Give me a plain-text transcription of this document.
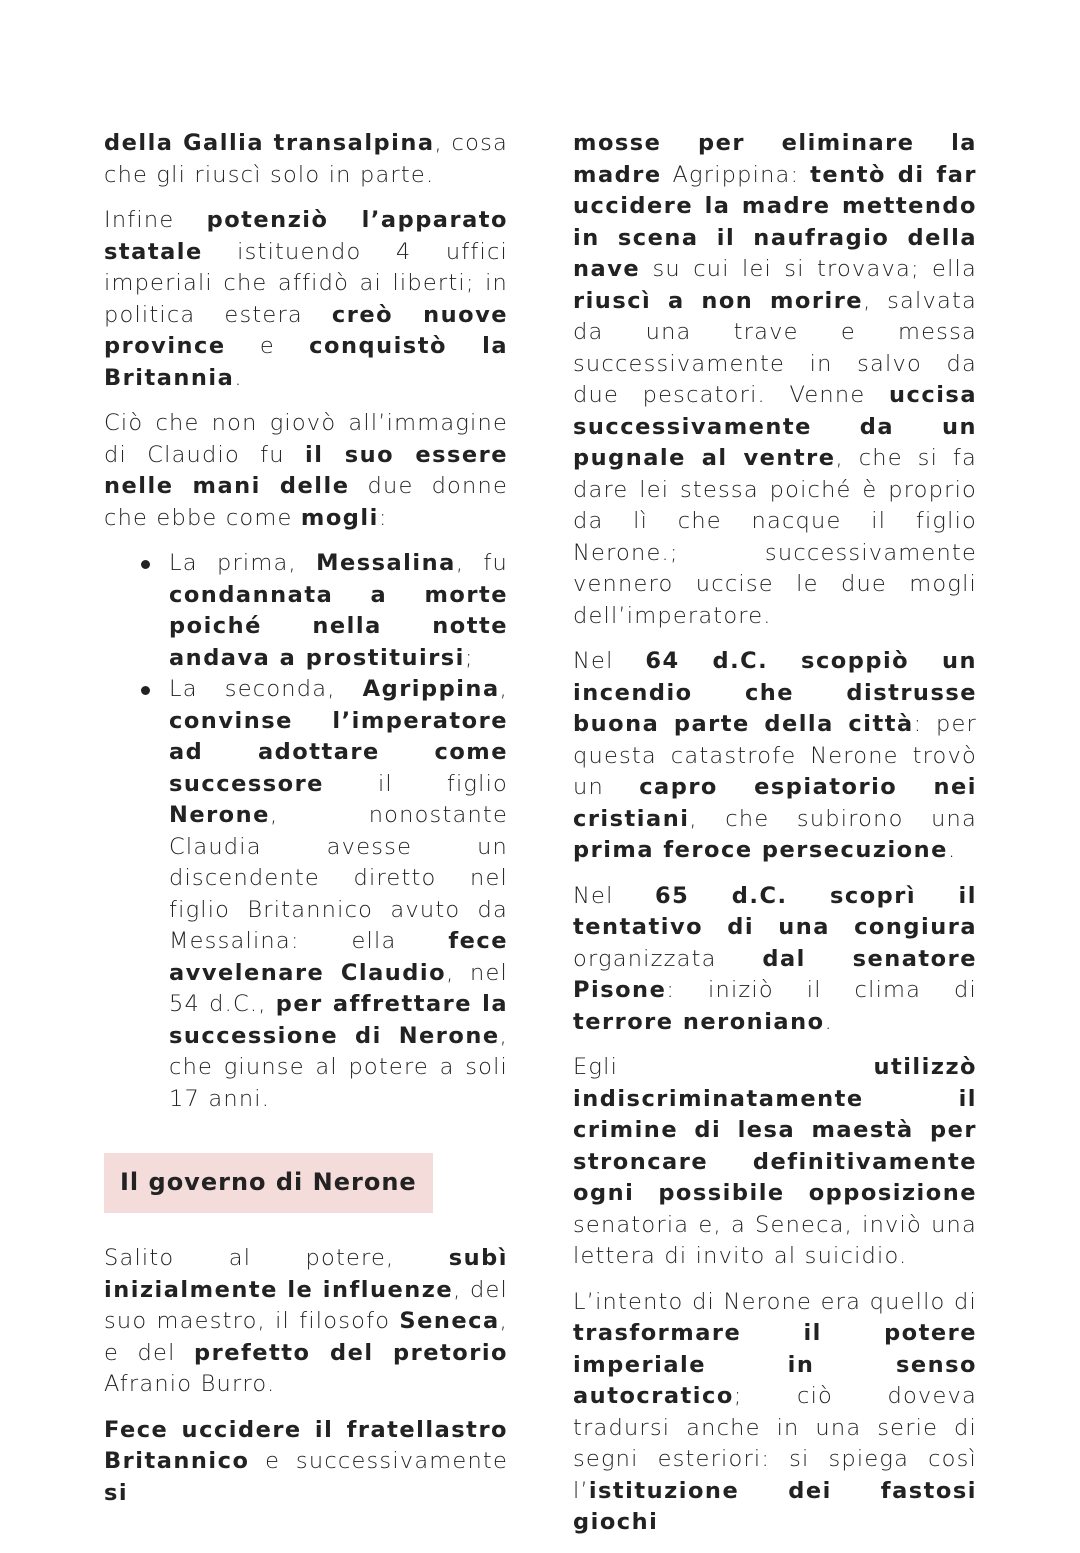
della Gallia transalpina, cosa che gli riuscì solo in parte.

Infine potenziò l’apparato statale istituendo 4 uffici imperiali che affidò ai liberti; in politica estera creò nuove province e conquistò la Britannia.

Ciò che non giovò all’immagine di Claudio fu il suo essere nelle mani delle due donne che ebbe come mogli:

La prima, Messalina, fu condannata a morte poiché nella notte andava a prostituirsi;
La seconda, Agrippina, convinse l’imperatore ad adottare come successore il figlio Nerone, nonostante Claudia avesse un discendente diretto nel figlio Britannico avuto da Messalina: ella fece avvelenare Claudio, nel 54 d.C., per affrettare la successione di Nerone, che giunse al potere a soli 17 anni.
Il governo di Nerone

Salito al potere, subì inizialmente le influenze, del suo maestro, il filosofo Seneca, e del prefetto del pretorio Afranio Burro.

Fece uccidere il fratellastro Britannico e successivamente si

mosse per eliminare la madre Agrippina: tentò di far uccidere la madre mettendo in scena il naufragio della nave su cui lei si trovava; ella riuscì a non morire, salvata da una trave e messa successivamente in salvo da due pescatori. Venne uccisa successivamente da un pugnale al ventre, che si fa dare lei stessa poiché è proprio da lì che nacque il figlio Nerone.; successivamente vennero uccise le due mogli dell’imperatore.

Nel 64 d.C. scoppiò un incendio che distrusse buona parte della città: per questa catastrofe Nerone trovò un capro espiatorio nei cristiani, che subirono una prima feroce persecuzione.

Nel 65 d.C. scoprì il tentativo di una congiura organizzata dal senatore Pisone: iniziò il clima di terrore neroniano.

Egli utilizzò indiscriminatamente il crimine di lesa maestà per stroncare definitivamente ogni possibile opposizione senatoria e, a Seneca, inviò una lettera di invito al suicidio.

L’intento di Nerone era quello di trasformare il potere imperiale in senso autocratico; ciò doveva tradursi anche in una serie di segni esteriori: si spiega così l’istituzione dei fastosi giochi
